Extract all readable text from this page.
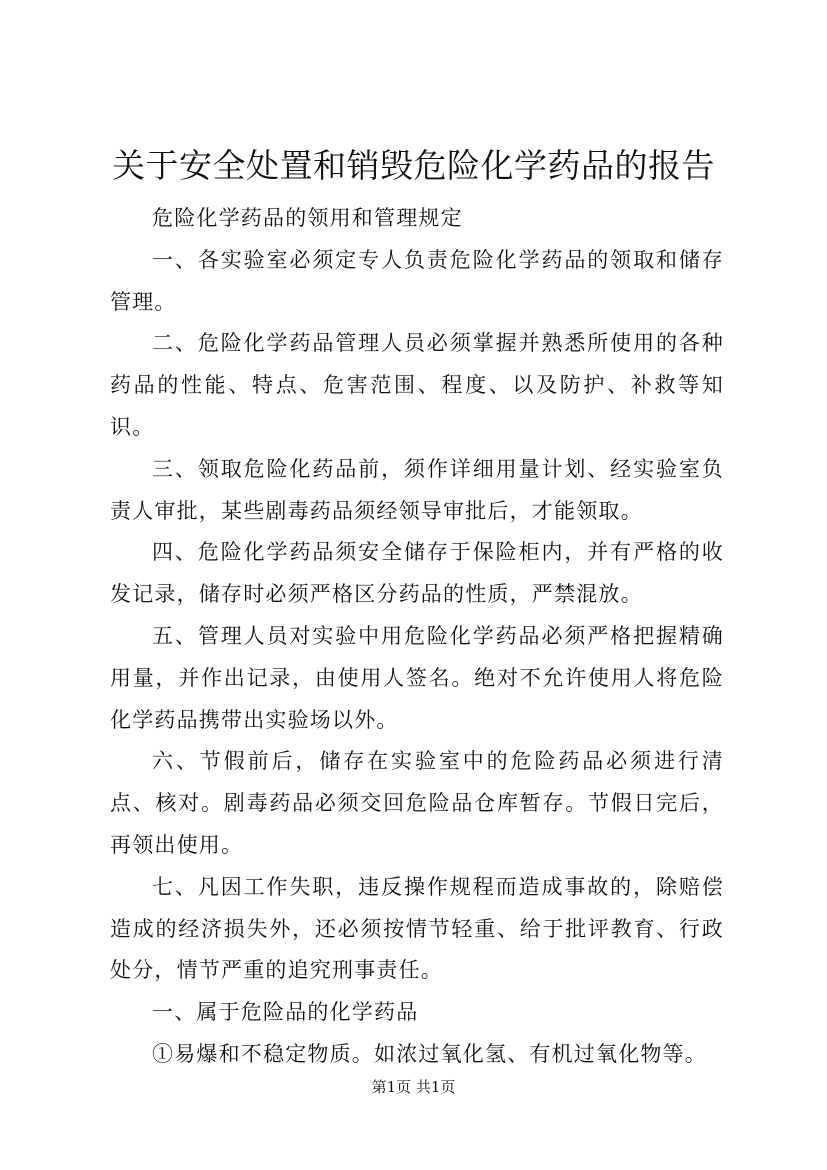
关于安全处置和销毁危险化学药品的报告

危险化学药品的领用和管理规定

一、各实验室必须定专人负责危险化学药品的领取和储存管理。

二、危险化学药品管理人员必须掌握并熟悉所使用的各种药品的性能、特点、危害范围、程度、以及防护、补救等知识。

三、领取危险化药品前，须作详细用量计划、经实验室负责人审批，某些剧毒药品须经领导审批后，才能领取。

四、危险化学药品须安全储存于保险柜内，并有严格的收发记录，储存时必须严格区分药品的性质，严禁混放。

五、管理人员对实验中用危险化学药品必须严格把握精确用量，并作出记录，由使用人签名。绝对不允许使用人将危险化学药品携带出实验场以外。

六、节假前后，储存在实验室中的危险药品必须进行清点、核对。剧毒药品必须交回危险品仓库暂存。节假日完后，再领出使用。

七、凡因工作失职，违反操作规程而造成事故的，除赔偿造成的经济损失外，还必须按情节轻重、给于批评教育、行政处分，情节严重的追究刑事责任。

一、属于危险品的化学药品

①易爆和不稳定物质。如浓过氧化氢、有机过氧化物等。

第1页 共1页
